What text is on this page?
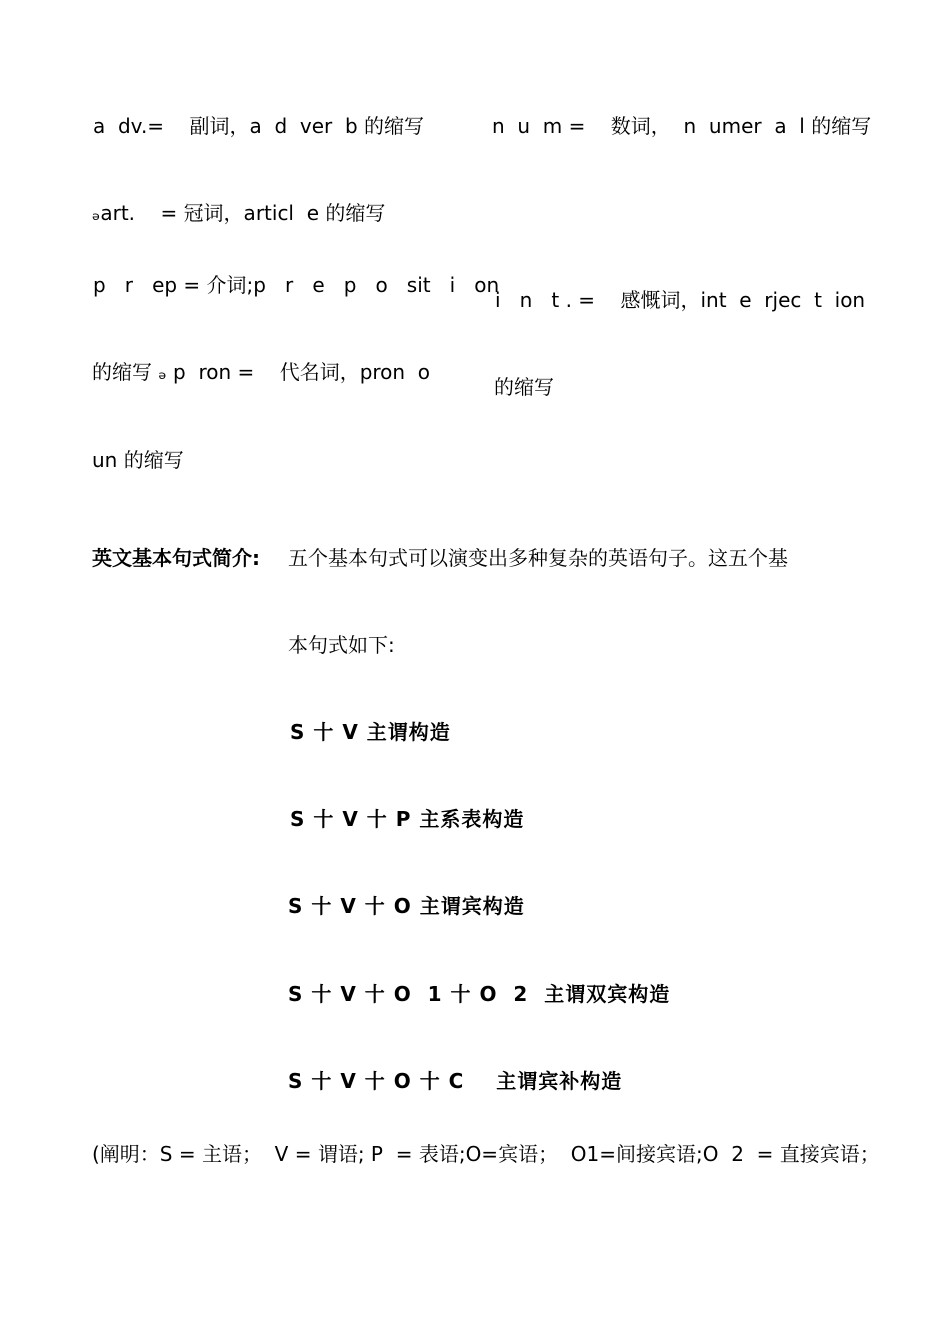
a  dv.=    副词，a  d  ver  b 的缩写	n  u  m =    数词，  n  umer  a  l 的缩写
ₔart.    = 冠词，articl  e 的缩写
p   r   ep = 介词;p   r   e   p   o   sit   i   on
i   n   t . =    感慨词，int  e  rjec  t  ion
的缩写 ₔ p  ron =    代名词，pron  o
的缩写
un 的缩写
英文基本句式简介: 五个基本句式可以演变出多种复杂的英语句子。这五个基
本句式如下:
S 十 V 主谓构造
S 十 V 十 P 主系表构造
S 十 V 十 O 主谓宾构造
S 十 V 十 O  1 十 O  2  主谓双宾构造
S 十 V 十 O 十 C    主谓宾补构造
(阐明：S = 主语；  V = 谓语; P  = 表语;O=宾语；  O1=间接宾语;O  2  = 直接宾语；
